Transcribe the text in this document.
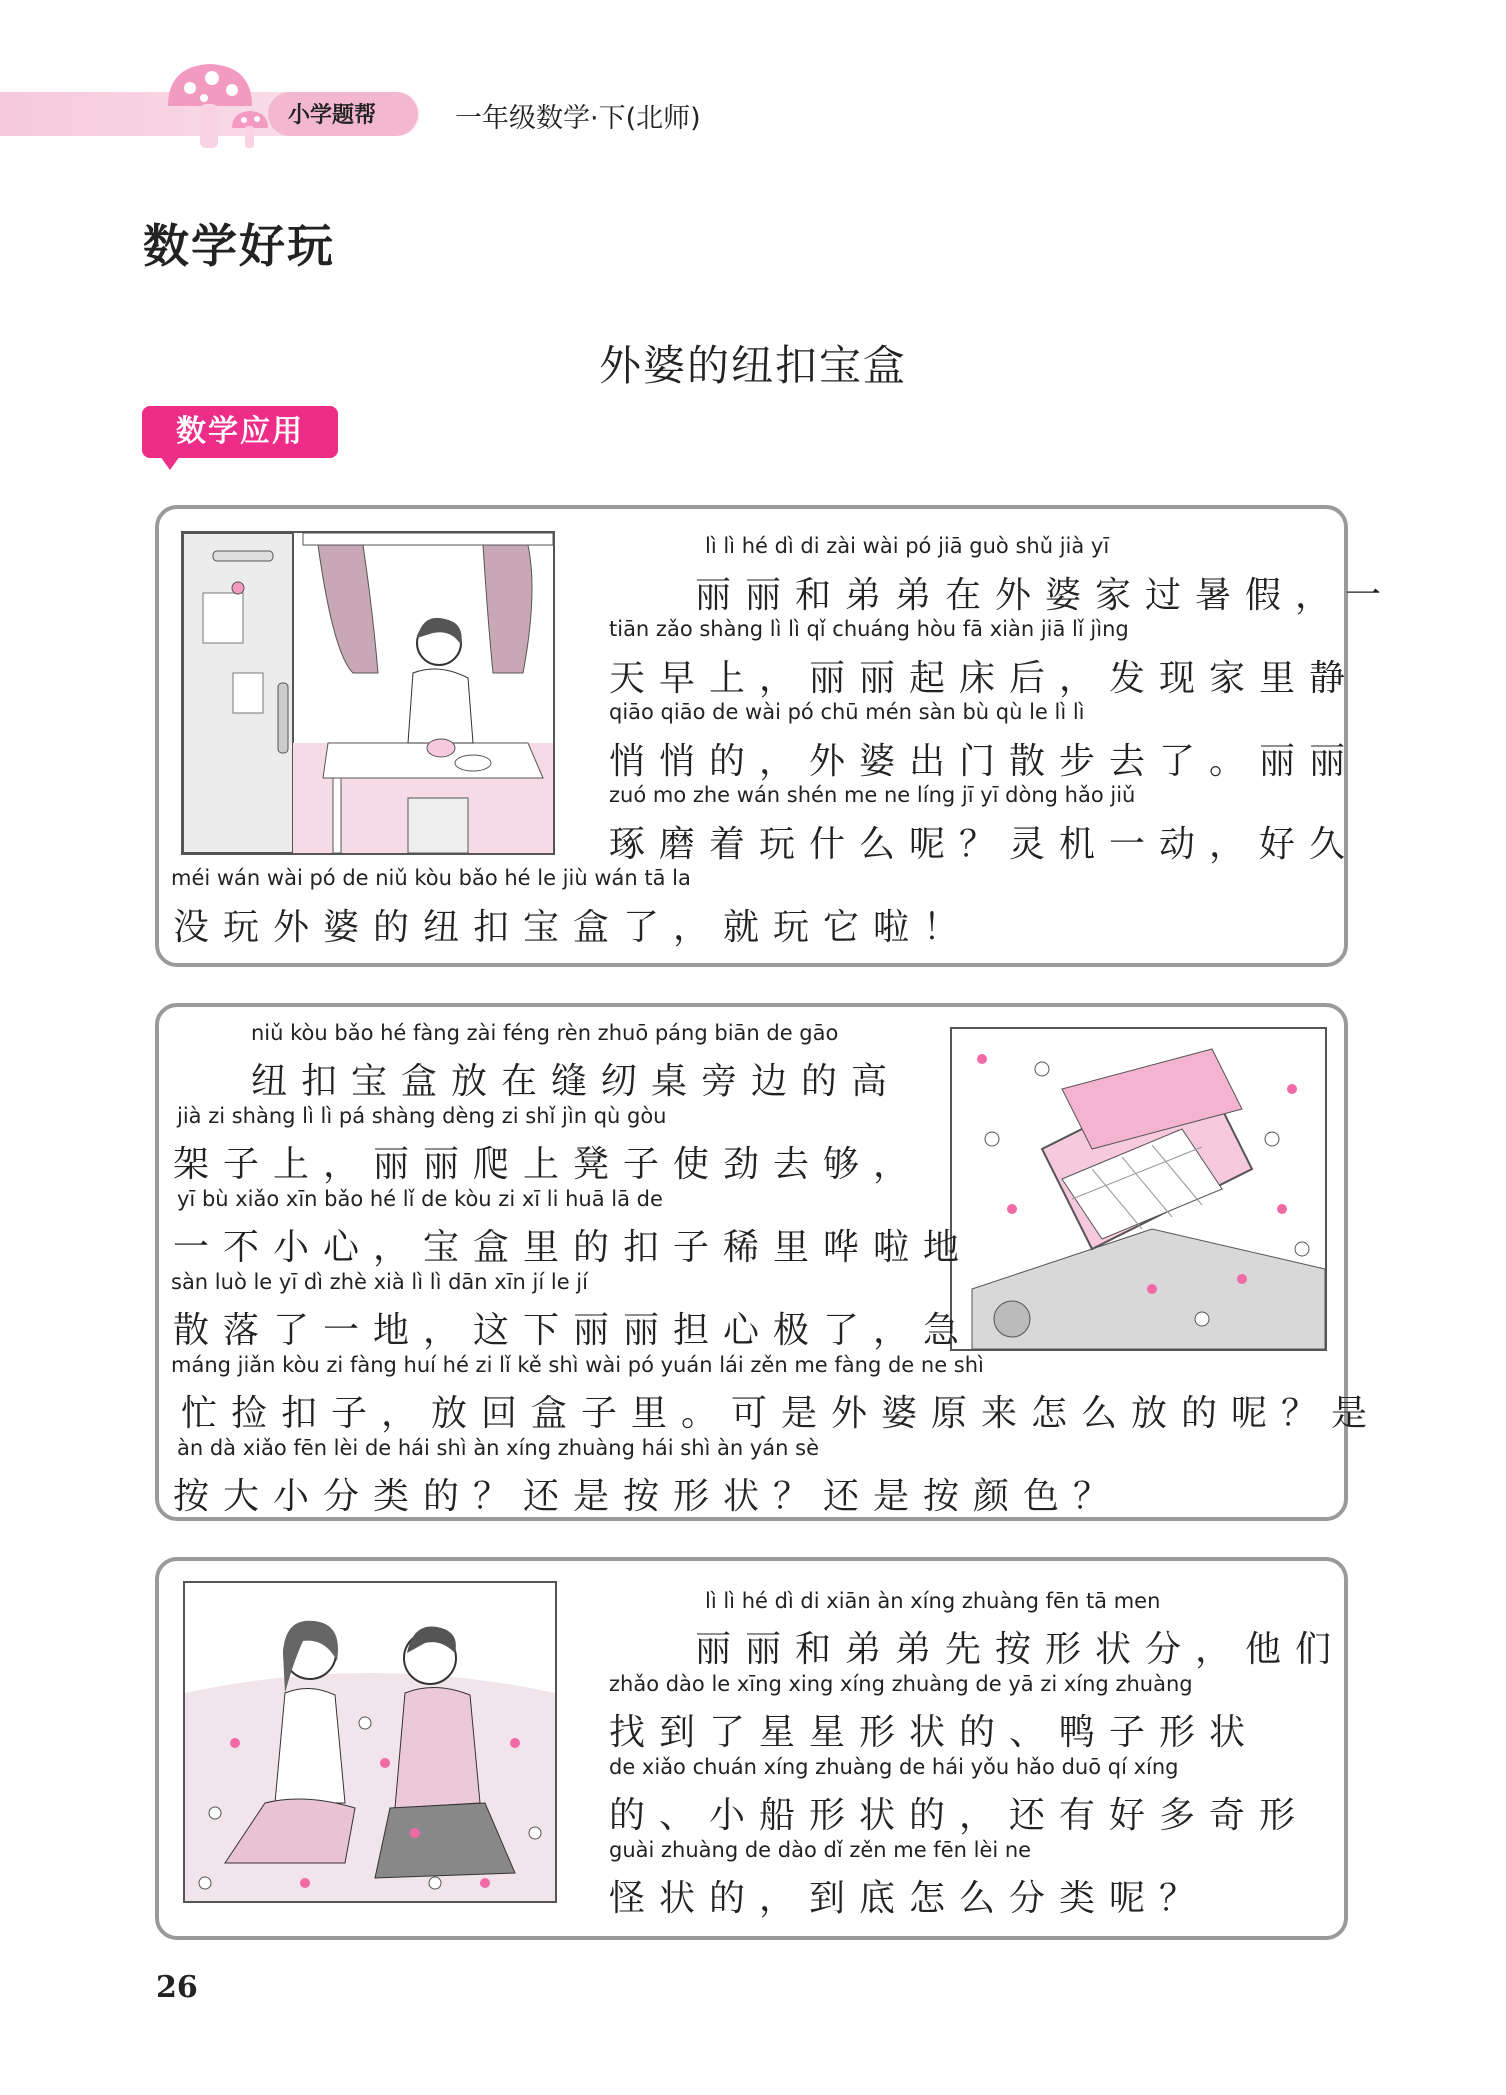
小学题帮	一年级数学·下(北师)
数学好玩
外婆的纽扣宝盒
数学应用
lì lì hé dì di zài wài pó jiā guò shǔ jià yī
丽丽和弟弟在外婆家过暑假，一
tiān zǎo shàng lì lì qǐ chuáng hòu fā xiàn jiā lǐ jìng
天早上，丽丽起床后，发现家里静
qiāo qiāo de wài pó chū mén sàn bù qù le lì lì
悄悄的，外婆出门散步去了。丽丽
zuó mo zhe wán shén me ne líng jī yī dòng hǎo jiǔ
琢磨着玩什么呢？灵机一动，好久
méi wán wài pó de niǔ kòu bǎo hé le jiù wán tā la
没玩外婆的纽扣宝盒了，就玩它啦！
niǔ kòu bǎo hé fàng zài féng rèn zhuō páng biān de gāo
纽扣宝盒放在缝纫桌旁边的高
jià zi shàng lì lì pá shàng dèng zi shǐ jìn qù gòu
架子上，丽丽爬上凳子使劲去够，
yī bù xiǎo xīn bǎo hé lǐ de kòu zi xī li huā lā de
一不小心，宝盒里的扣子稀里哗啦地
sàn luò le yī dì zhè xià lì lì dān xīn jí le jí
散落了一地，这下丽丽担心极了，急
máng jiǎn kòu zi fàng huí hé zi lǐ kě shì wài pó yuán lái zěn me fàng de ne shì
忙捡扣子，放回盒子里。可是外婆原来怎么放的呢？是
àn dà xiǎo fēn lèi de hái shì àn xíng zhuàng hái shì àn yán sè
按大小分类的？还是按形状？还是按颜色？
lì lì hé dì di xiān àn xíng zhuàng fēn tā men
丽丽和弟弟先按形状分，他们
zhǎo dào le xīng xing xíng zhuàng de yā zi xíng zhuàng
找到了星星形状的、鸭子形状
de xiǎo chuán xíng zhuàng de hái yǒu hǎo duō qí xíng
的、小船形状的，还有好多奇形
guài zhuàng de dào dǐ zěn me fēn lèi ne
怪状的，到底怎么分类呢？
26
